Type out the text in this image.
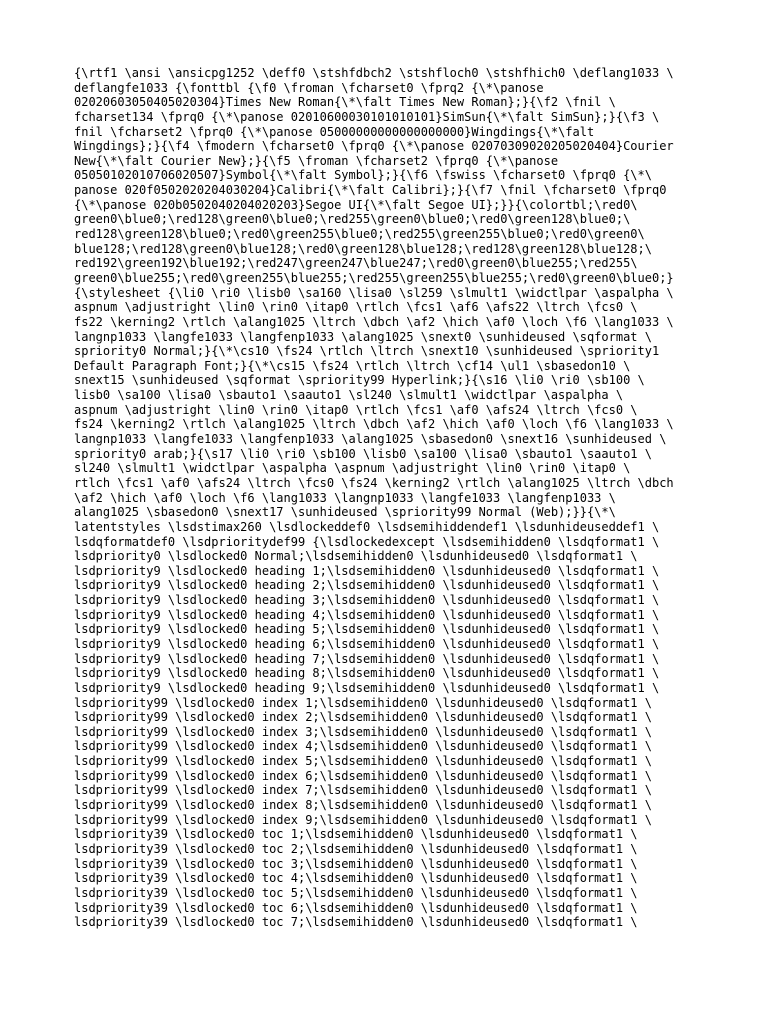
{\rtf1 \ansi \ansicpg1252 \deff0 \stshfdbch2 \stshfloch0 \stshfhich0 \deflang1033 \
deflangfe1033 {\fonttbl {\f0 \froman \fcharset0 \fprq2 {\*\panose
02020603050405020304}Times New Roman{\*\falt Times New Roman};}{\f2 \fnil \
fcharset134 \fprq0 {\*\panose 02010600030101010101}SimSun{\*\falt SimSun};}{\f3 \
fnil \fcharset2 \fprq0 {\*\panose 05000000000000000000}Wingdings{\*\falt
Wingdings};}{\f4 \fmodern \fcharset0 \fprq0 {\*\panose 02070309020205020404}Courier
New{\*\falt Courier New};}{\f5 \froman \fcharset2 \fprq0 {\*\panose
05050102010706020507}Symbol{\*\falt Symbol};}{\f6 \fswiss \fcharset0 \fprq0 {\*\
panose 020f0502020204030204}Calibri{\*\falt Calibri};}{\f7 \fnil \fcharset0 \fprq0
{\*\panose 020b0502040204020203}Segoe UI{\*\falt Segoe UI};}}{\colortbl;\red0\
green0\blue0;\red128\green0\blue0;\red255\green0\blue0;\red0\green128\blue0;\
red128\green128\blue0;\red0\green255\blue0;\red255\green255\blue0;\red0\green0\
blue128;\red128\green0\blue128;\red0\green128\blue128;\red128\green128\blue128;\
red192\green192\blue192;\red247\green247\blue247;\red0\green0\blue255;\red255\
green0\blue255;\red0\green255\blue255;\red255\green255\blue255;\red0\green0\blue0;}
{\stylesheet {\li0 \ri0 \lisb0 \sa160 \lisa0 \sl259 \slmult1 \widctlpar \aspalpha \
aspnum \adjustright \lin0 \rin0 \itap0 \rtlch \fcs1 \af6 \afs22 \ltrch \fcs0 \
fs22 \kerning2 \rtlch \alang1025 \ltrch \dbch \af2 \hich \af0 \loch \f6 \lang1033 \
langnp1033 \langfe1033 \langfenp1033 \alang1025 \snext0 \sunhideused \sqformat \
spriority0 Normal;}{\*\cs10 \fs24 \rtlch \ltrch \snext10 \sunhideused \spriority1
Default Paragraph Font;}{\*\cs15 \fs24 \rtlch \ltrch \cf14 \ul1 \sbasedon10 \
snext15 \sunhideused \sqformat \spriority99 Hyperlink;}{\s16 \li0 \ri0 \sb100 \
lisb0 \sa100 \lisa0 \sbauto1 \saauto1 \sl240 \slmult1 \widctlpar \aspalpha \
aspnum \adjustright \lin0 \rin0 \itap0 \rtlch \fcs1 \af0 \afs24 \ltrch \fcs0 \
fs24 \kerning2 \rtlch \alang1025 \ltrch \dbch \af2 \hich \af0 \loch \f6 \lang1033 \
langnp1033 \langfe1033 \langfenp1033 \alang1025 \sbasedon0 \snext16 \sunhideused \
spriority0 arab;}{\s17 \li0 \ri0 \sb100 \lisb0 \sa100 \lisa0 \sbauto1 \saauto1 \
sl240 \slmult1 \widctlpar \aspalpha \aspnum \adjustright \lin0 \rin0 \itap0 \
rtlch \fcs1 \af0 \afs24 \ltrch \fcs0 \fs24 \kerning2 \rtlch \alang1025 \ltrch \dbch
\af2 \hich \af0 \loch \f6 \lang1033 \langnp1033 \langfe1033 \langfenp1033 \
alang1025 \sbasedon0 \snext17 \sunhideused \spriority99 Normal (Web);}}{\*\
latentstyles \lsdstimax260 \lsdlockeddef0 \lsdsemihiddendef1 \lsdunhideuseddef1 \
lsdqformatdef0 \lsdprioritydef99 {\lsdlockedexcept \lsdsemihidden0 \lsdqformat1 \
lsdpriority0 \lsdlocked0 Normal;\lsdsemihidden0 \lsdunhideused0 \lsdqformat1 \
lsdpriority9 \lsdlocked0 heading 1;\lsdsemihidden0 \lsdunhideused0 \lsdqformat1 \
lsdpriority9 \lsdlocked0 heading 2;\lsdsemihidden0 \lsdunhideused0 \lsdqformat1 \
lsdpriority9 \lsdlocked0 heading 3;\lsdsemihidden0 \lsdunhideused0 \lsdqformat1 \
lsdpriority9 \lsdlocked0 heading 4;\lsdsemihidden0 \lsdunhideused0 \lsdqformat1 \
lsdpriority9 \lsdlocked0 heading 5;\lsdsemihidden0 \lsdunhideused0 \lsdqformat1 \
lsdpriority9 \lsdlocked0 heading 6;\lsdsemihidden0 \lsdunhideused0 \lsdqformat1 \
lsdpriority9 \lsdlocked0 heading 7;\lsdsemihidden0 \lsdunhideused0 \lsdqformat1 \
lsdpriority9 \lsdlocked0 heading 8;\lsdsemihidden0 \lsdunhideused0 \lsdqformat1 \
lsdpriority9 \lsdlocked0 heading 9;\lsdsemihidden0 \lsdunhideused0 \lsdqformat1 \
lsdpriority99 \lsdlocked0 index 1;\lsdsemihidden0 \lsdunhideused0 \lsdqformat1 \
lsdpriority99 \lsdlocked0 index 2;\lsdsemihidden0 \lsdunhideused0 \lsdqformat1 \
lsdpriority99 \lsdlocked0 index 3;\lsdsemihidden0 \lsdunhideused0 \lsdqformat1 \
lsdpriority99 \lsdlocked0 index 4;\lsdsemihidden0 \lsdunhideused0 \lsdqformat1 \
lsdpriority99 \lsdlocked0 index 5;\lsdsemihidden0 \lsdunhideused0 \lsdqformat1 \
lsdpriority99 \lsdlocked0 index 6;\lsdsemihidden0 \lsdunhideused0 \lsdqformat1 \
lsdpriority99 \lsdlocked0 index 7;\lsdsemihidden0 \lsdunhideused0 \lsdqformat1 \
lsdpriority99 \lsdlocked0 index 8;\lsdsemihidden0 \lsdunhideused0 \lsdqformat1 \
lsdpriority99 \lsdlocked0 index 9;\lsdsemihidden0 \lsdunhideused0 \lsdqformat1 \
lsdpriority39 \lsdlocked0 toc 1;\lsdsemihidden0 \lsdunhideused0 \lsdqformat1 \
lsdpriority39 \lsdlocked0 toc 2;\lsdsemihidden0 \lsdunhideused0 \lsdqformat1 \
lsdpriority39 \lsdlocked0 toc 3;\lsdsemihidden0 \lsdunhideused0 \lsdqformat1 \
lsdpriority39 \lsdlocked0 toc 4;\lsdsemihidden0 \lsdunhideused0 \lsdqformat1 \
lsdpriority39 \lsdlocked0 toc 5;\lsdsemihidden0 \lsdunhideused0 \lsdqformat1 \
lsdpriority39 \lsdlocked0 toc 6;\lsdsemihidden0 \lsdunhideused0 \lsdqformat1 \
lsdpriority39 \lsdlocked0 toc 7;\lsdsemihidden0 \lsdunhideused0 \lsdqformat1 \
